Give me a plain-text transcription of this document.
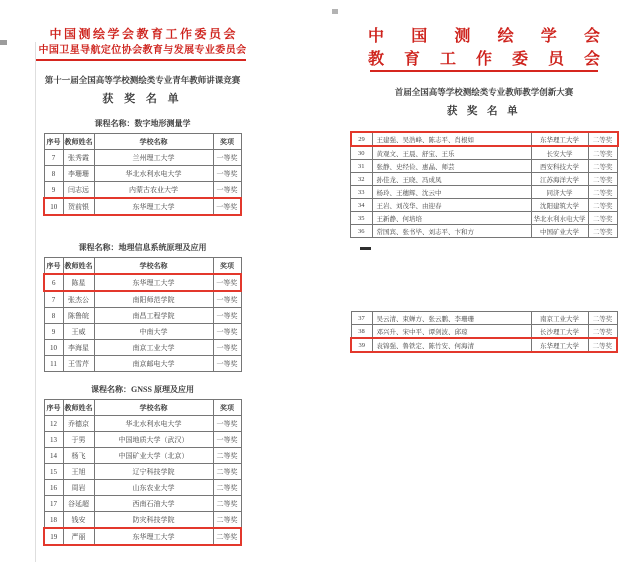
中国测绘学会教育工作委员会
中国卫星导航定位协会教育与发展专业委员会
第十一届全国高等学校测绘类专业青年教师讲课竞赛
获 奖 名 单
课程名称：数字地形测量学
序号	教师姓名	学校名称	奖项
7	张秀霞	兰州理工大学	一等奖
8	李珊珊	华北水利水电大学	一等奖
9	闫志远	内蒙古农业大学	一等奖
10	贺前银	东华理工大学	一等奖
课程名称：地理信息系统原理及应用
序号	教师姓名	学校名称	奖项
6	陈星	东华理工大学	一等奖
7	张杰公	南阳师范学院	一等奖
8	陈鲁皖	南昌工程学院	一等奖
9	王威	中南大学	一等奖
10	李海星	南京工业大学	一等奖
11	王雪芹	南京邮电大学	一等奖
课程名称：GNSS 原理及应用
序号	教师姓名	学校名称	奖项
12	乔德京	华北水利水电大学	一等奖
13	于男	中国地质大学（武汉）	一等奖
14	杨飞	中国矿业大学（北京）	二等奖
15	王旭	辽宁科技学院	二等奖
16	周岩	山东农业大学	二等奖
17	谷延超	西南石油大学	二等奖
18	钱安	防灾科技学院	二等奖
19	严丽	东华理工大学	二等奖
中 国 测 绘 学 会
教 育 工 作 委 员 会
首届全国高等学校测绘类专业教师教学创新大赛
获 奖 名 单
29	王建强、吴浩峰、陈志平、肖根如	东华理工大学	二等奖
30	黄观文、王晨、舒宝、王乐	长安大学	二等奖
31	张静、史经俭、惠晶、师芸	西安科技大学	二等奖
32	孙佳龙、王晓、冯成凤	江苏海洋大学	二等奖
33	杨玲、王穗辉、沈云中	同济大学	二等奖
34	王岩、刘茂华、由迎春	沈阳建筑大学	二等奖
35	王新静、何培培	华北水利水电大学	二等奖
36	常国宾、张书毕、刘志平、卞和方	中国矿业大学	二等奖
37	吴云清、束蝉方、张云鹏、李珊珊	南京工业大学	二等奖
38	邓兴升、宋中平、谭剑波、邱琼	长沙理工大学	二等奖
39	袁锦强、鲁铁定、陈竹安、何海清	东华理工大学	二等奖
